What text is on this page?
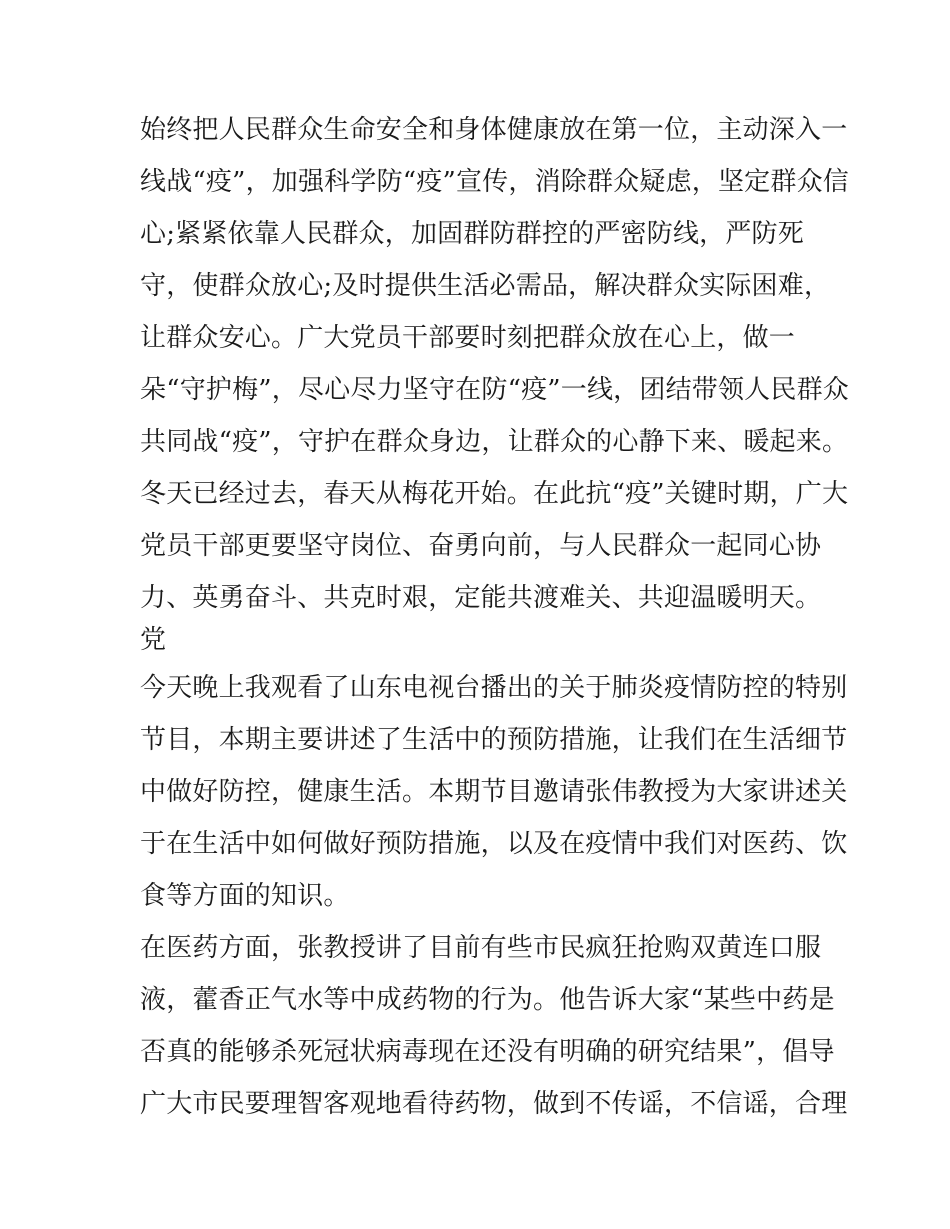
始终把人民群众生命安全和身体健康放在第一位，主动深入一
线战“疫”，加强科学防“疫”宣传，消除群众疑虑，坚定群众信
心;紧紧依靠人民群众，加固群防群控的严密防线，严防死
守，使群众放心;及时提供生活必需品，解决群众实际困难，
让群众安心。广大党员干部要时刻把群众放在心上，做一
朵“守护梅”，尽心尽力坚守在防“疫”一线，团结带领人民群众
共同战“疫”，守护在群众身边，让群众的心静下来、暖起来。
冬天已经过去，春天从梅花开始。在此抗“疫”关键时期，广大
党员干部更要坚守岗位、奋勇向前，与人民群众一起同心协
力、英勇奋斗、共克时艰，定能共渡难关、共迎温暖明天。
党
今天晚上我观看了山东电视台播出的关于肺炎疫情防控的特别
节目，本期主要讲述了生活中的预防措施，让我们在生活细节
中做好防控，健康生活。本期节目邀请张伟教授为大家讲述关
于在生活中如何做好预防措施，以及在疫情中我们对医药、饮
食等方面的知识。
在医药方面，张教授讲了目前有些市民疯狂抢购双黄连口服
液，藿香正气水等中成药物的行为。他告诉大家“某些中药是
否真的能够杀死冠状病毒现在还没有明确的研究结果”，倡导
广大市民要理智客观地看待药物，做到不传谣，不信谣，合理
